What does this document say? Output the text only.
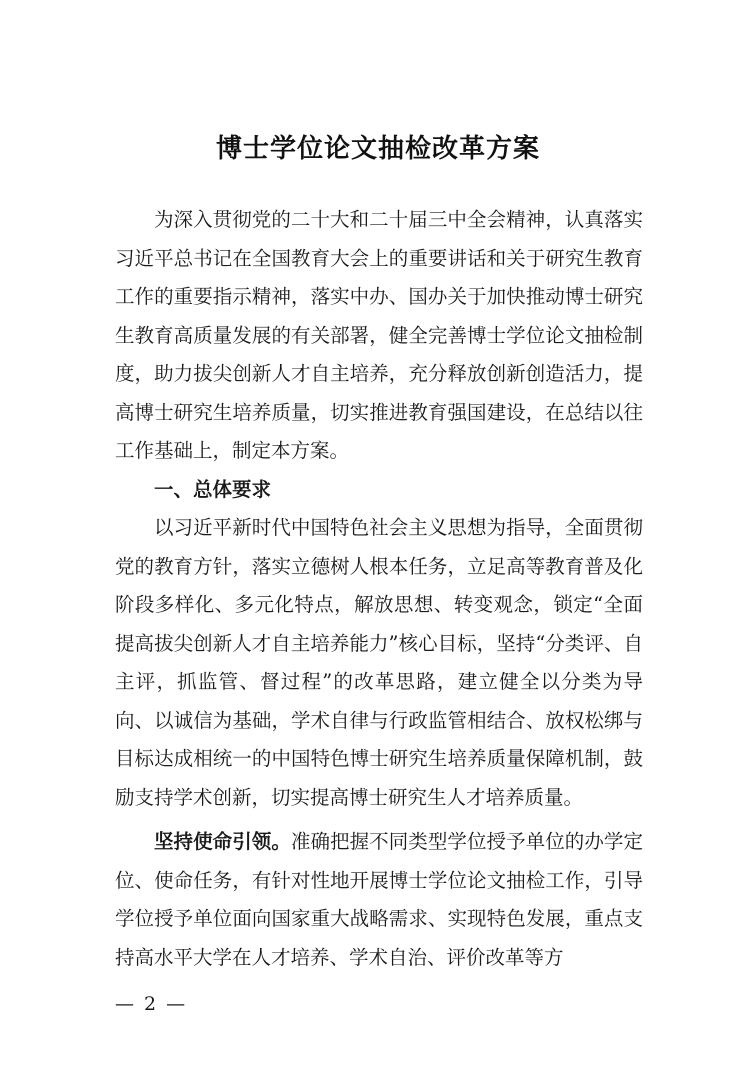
博士学位论文抽检改革方案

为深入贯彻党的二十大和二十届三中全会精神，认真落实习近平总书记在全国教育大会上的重要讲话和关于研究生教育工作的重要指示精神，落实中办、国办关于加快推动博士研究生教育高质量发展的有关部署，健全完善博士学位论文抽检制度，助力拔尖创新人才自主培养，充分释放创新创造活力，提高博士研究生培养质量，切实推进教育强国建设，在总结以往工作基础上，制定本方案。

一、总体要求

以习近平新时代中国特色社会主义思想为指导，全面贯彻党的教育方针，落实立德树人根本任务，立足高等教育普及化阶段多样化、多元化特点，解放思想、转变观念，锁定“全面提高拔尖创新人才自主培养能力”核心目标，坚持“分类评、自主评，抓监管、督过程”的改革思路，建立健全以分类为导向、以诚信为基础，学术自律与行政监管相结合、放权松绑与目标达成相统一的中国特色博士研究生培养质量保障机制，鼓励支持学术创新，切实提高博士研究生人才培养质量。

坚持使命引领。准确把握不同类型学位授予单位的办学定位、使命任务，有针对性地开展博士学位论文抽检工作，引导学位授予单位面向国家重大战略需求、实现特色发展，重点支持高水平大学在人才培养、学术自治、评价改革等方

— 2 —
